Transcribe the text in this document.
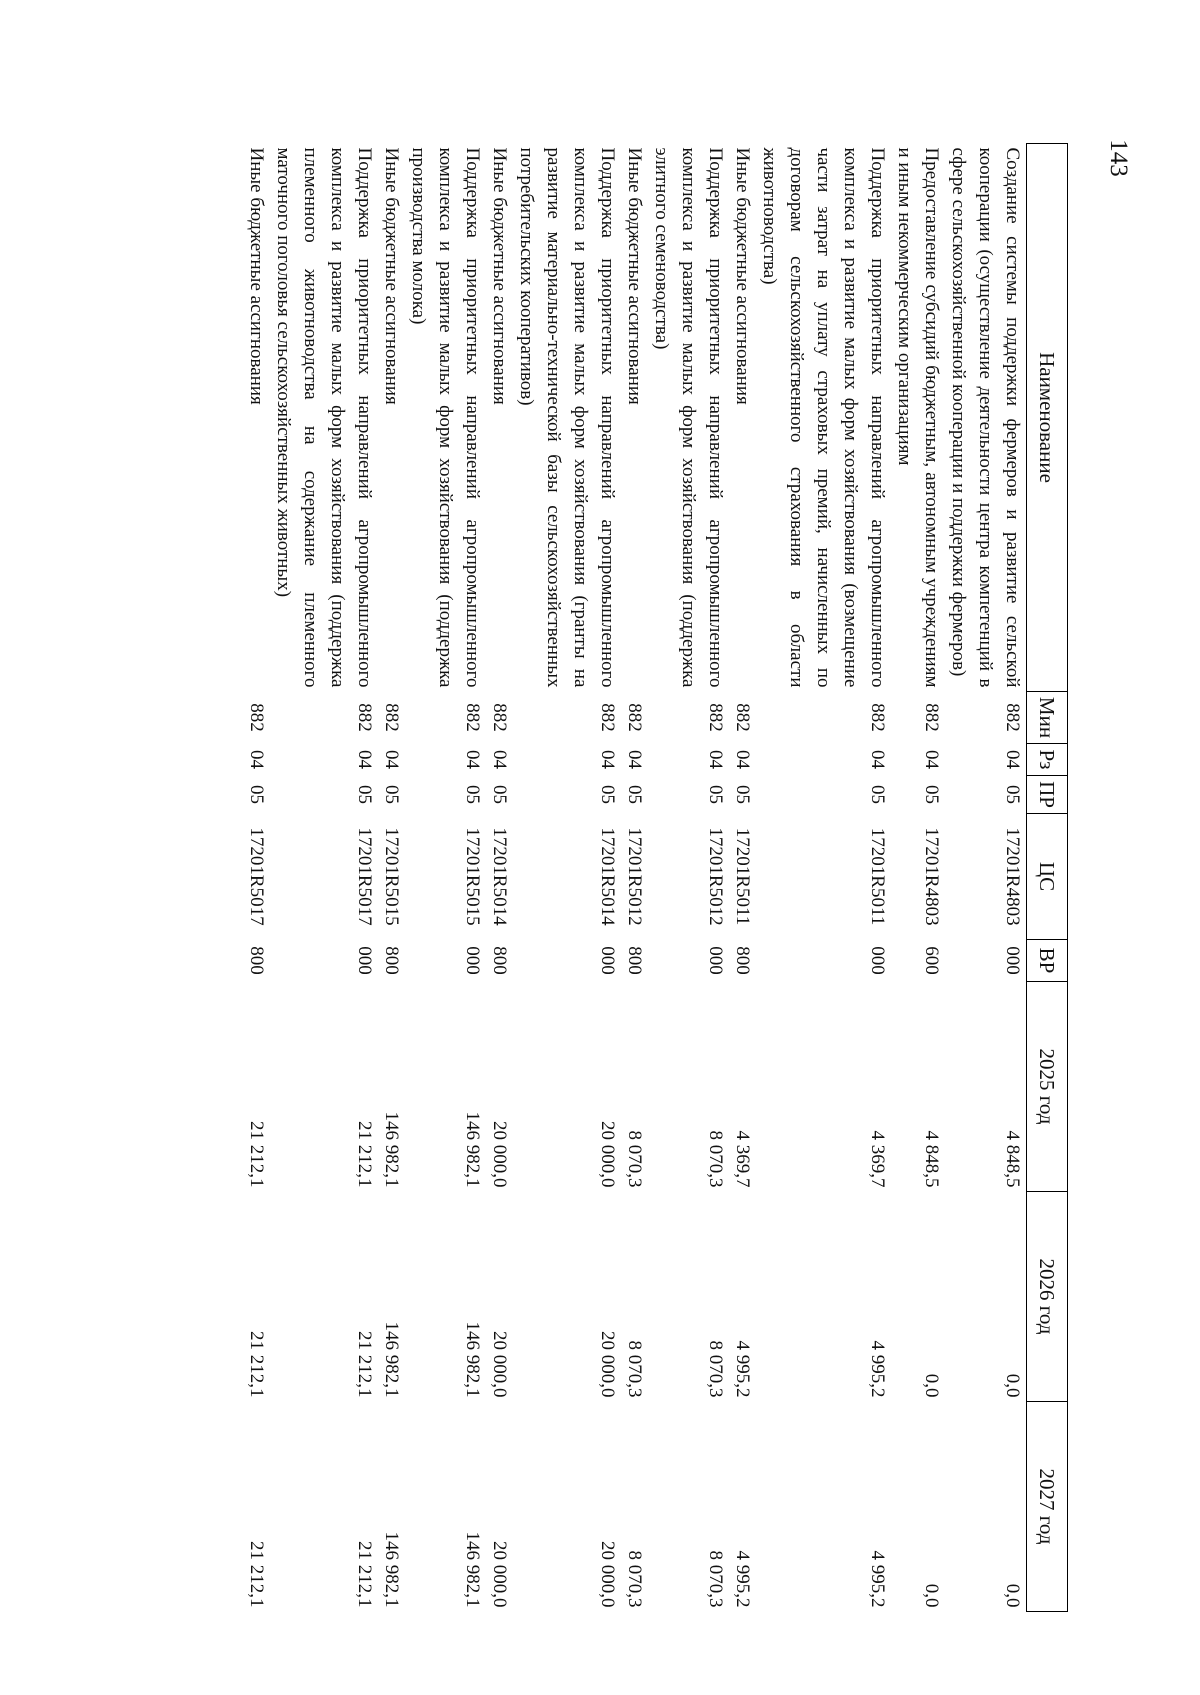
143
Наименование	Мин	Рз	ПР	ЦС	ВР	2025 год	2026 год	2027 год
Создание системы поддержки фермеров и развитие сельской кооперации (осуществление деятельности центра компетенций в сфере сельскохозяйственной кооперации и поддержки фермеров)	882	04	05	17201R4803	000	4 848,5	0,0	0,0
Предоставление субсидий бюджетным, автономным учреждениям и иным некоммерческим организациям	882	04	05	17201R4803	600	4 848,5	0,0	0,0
Поддержка приоритетных направлений агропромышленного комплекса и развитие малых форм хозяйствования (возмещение части затрат на уплату страховых премий, начисленных по договорам сельскохозяйственного страхования в области животноводства)	882	04	05	17201R5011	000	4 369,7	4 995,2	4 995,2
Иные бюджетные ассигнования	882	04	05	17201R5011	800	4 369,7	4 995,2	4 995,2
Поддержка приоритетных направлений агропромышленного комплекса и развитие малых форм хозяйствования (поддержка элитного семеноводства)	882	04	05	17201R5012	000	8 070,3	8 070,3	8 070,3
Иные бюджетные ассигнования	882	04	05	17201R5012	800	8 070,3	8 070,3	8 070,3
Поддержка приоритетных направлений агропромышленного комплекса и развитие малых форм хозяйствования (гранты на развитие материально-технической базы сельскохозяйственных потребительских кооперативов)	882	04	05	17201R5014	000	20 000,0	20 000,0	20 000,0
Иные бюджетные ассигнования	882	04	05	17201R5014	800	20 000,0	20 000,0	20 000,0
Поддержка приоритетных направлений агропромышленного комплекса и развитие малых форм хозяйствования (поддержка производства молока)	882	04	05	17201R5015	000	146 982,1	146 982,1	146 982,1
Иные бюджетные ассигнования	882	04	05	17201R5015	800	146 982,1	146 982,1	146 982,1
Поддержка приоритетных направлений агропромышленного комплекса и развитие малых форм хозяйствования (поддержка племенного животноводства на содержание племенного маточного поголовья сельскохозяйственных животных)	882	04	05	17201R5017	000	21 212,1	21 212,1	21 212,1
Иные бюджетные ассигнования	882	04	05	17201R5017	800	21 212,1	21 212,1	21 212,1
